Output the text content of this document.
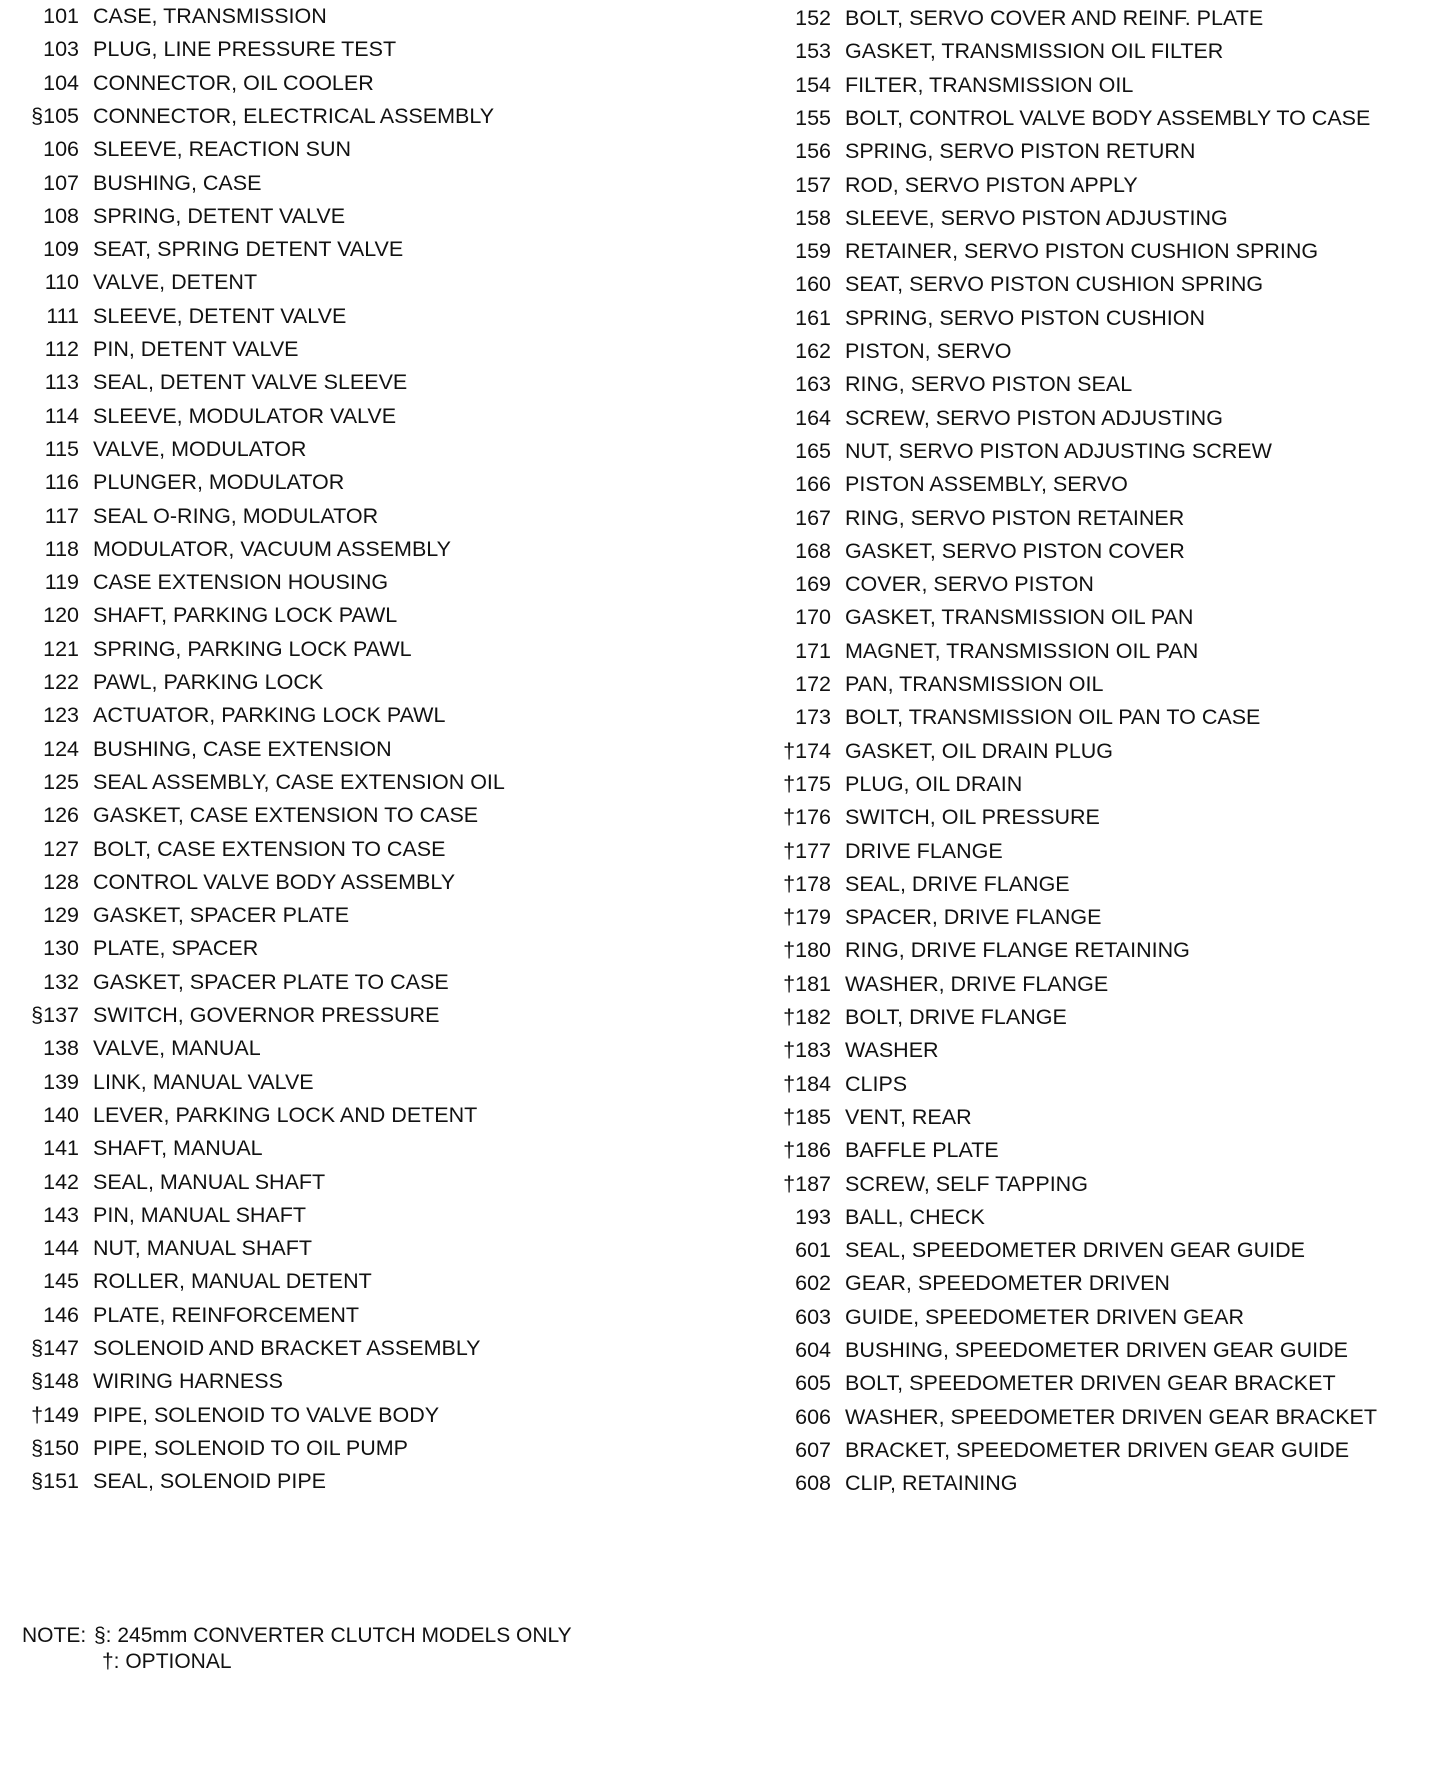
101 CASE, TRANSMISSION
103 PLUG, LINE PRESSURE TEST
104 CONNECTOR, OIL COOLER
§105 CONNECTOR, ELECTRICAL ASSEMBLY
106 SLEEVE, REACTION SUN
107 BUSHING, CASE
108 SPRING, DETENT VALVE
109 SEAT, SPRING DETENT VALVE
110 VALVE, DETENT
111 SLEEVE, DETENT VALVE
112 PIN, DETENT VALVE
113 SEAL, DETENT VALVE SLEEVE
114 SLEEVE, MODULATOR VALVE
115 VALVE, MODULATOR
116 PLUNGER, MODULATOR
117 SEAL O-RING, MODULATOR
118 MODULATOR, VACUUM ASSEMBLY
119 CASE EXTENSION HOUSING
120 SHAFT, PARKING LOCK PAWL
121 SPRING, PARKING LOCK PAWL
122 PAWL, PARKING LOCK
123 ACTUATOR, PARKING LOCK PAWL
124 BUSHING, CASE EXTENSION
125 SEAL ASSEMBLY, CASE EXTENSION OIL
126 GASKET, CASE EXTENSION TO CASE
127 BOLT, CASE EXTENSION TO CASE
128 CONTROL VALVE BODY ASSEMBLY
129 GASKET, SPACER PLATE
130 PLATE, SPACER
132 GASKET, SPACER PLATE TO CASE
§137 SWITCH, GOVERNOR PRESSURE
138 VALVE, MANUAL
139 LINK, MANUAL VALVE
140 LEVER, PARKING LOCK AND DETENT
141 SHAFT, MANUAL
142 SEAL, MANUAL SHAFT
143 PIN, MANUAL SHAFT
144 NUT, MANUAL SHAFT
145 ROLLER, MANUAL DETENT
146 PLATE, REINFORCEMENT
§147 SOLENOID AND BRACKET ASSEMBLY
§148 WIRING HARNESS
†149 PIPE, SOLENOID TO VALVE BODY
§150 PIPE, SOLENOID TO OIL PUMP
§151 SEAL, SOLENOID PIPE
152 BOLT, SERVO COVER AND REINF. PLATE
153 GASKET, TRANSMISSION OIL FILTER
154 FILTER, TRANSMISSION OIL
155 BOLT, CONTROL VALVE BODY ASSEMBLY TO CASE
156 SPRING, SERVO PISTON RETURN
157 ROD, SERVO PISTON APPLY
158 SLEEVE, SERVO PISTON ADJUSTING
159 RETAINER, SERVO PISTON CUSHION SPRING
160 SEAT, SERVO PISTON CUSHION SPRING
161 SPRING, SERVO PISTON CUSHION
162 PISTON, SERVO
163 RING, SERVO PISTON SEAL
164 SCREW, SERVO PISTON ADJUSTING
165 NUT, SERVO PISTON ADJUSTING SCREW
166 PISTON ASSEMBLY, SERVO
167 RING, SERVO PISTON RETAINER
168 GASKET, SERVO PISTON COVER
169 COVER, SERVO PISTON
170 GASKET, TRANSMISSION OIL PAN
171 MAGNET, TRANSMISSION OIL PAN
172 PAN, TRANSMISSION OIL
173 BOLT, TRANSMISSION OIL PAN TO CASE
†174 GASKET, OIL DRAIN PLUG
†175 PLUG, OIL DRAIN
†176 SWITCH, OIL PRESSURE
†177 DRIVE FLANGE
†178 SEAL, DRIVE FLANGE
†179 SPACER, DRIVE FLANGE
†180 RING, DRIVE FLANGE RETAINING
†181 WASHER, DRIVE FLANGE
†182 BOLT, DRIVE FLANGE
†183 WASHER
†184 CLIPS
†185 VENT, REAR
†186 BAFFLE PLATE
†187 SCREW, SELF TAPPING
193 BALL, CHECK
601 SEAL, SPEEDOMETER DRIVEN GEAR GUIDE
602 GEAR, SPEEDOMETER DRIVEN
603 GUIDE, SPEEDOMETER DRIVEN GEAR
604 BUSHING, SPEEDOMETER DRIVEN GEAR GUIDE
605 BOLT, SPEEDOMETER DRIVEN GEAR BRACKET
606 WASHER, SPEEDOMETER DRIVEN GEAR BRACKET
607 BRACKET, SPEEDOMETER DRIVEN GEAR GUIDE
608 CLIP, RETAINING
NOTE: §: 245mm CONVERTER CLUTCH MODELS ONLY
†: OPTIONAL
